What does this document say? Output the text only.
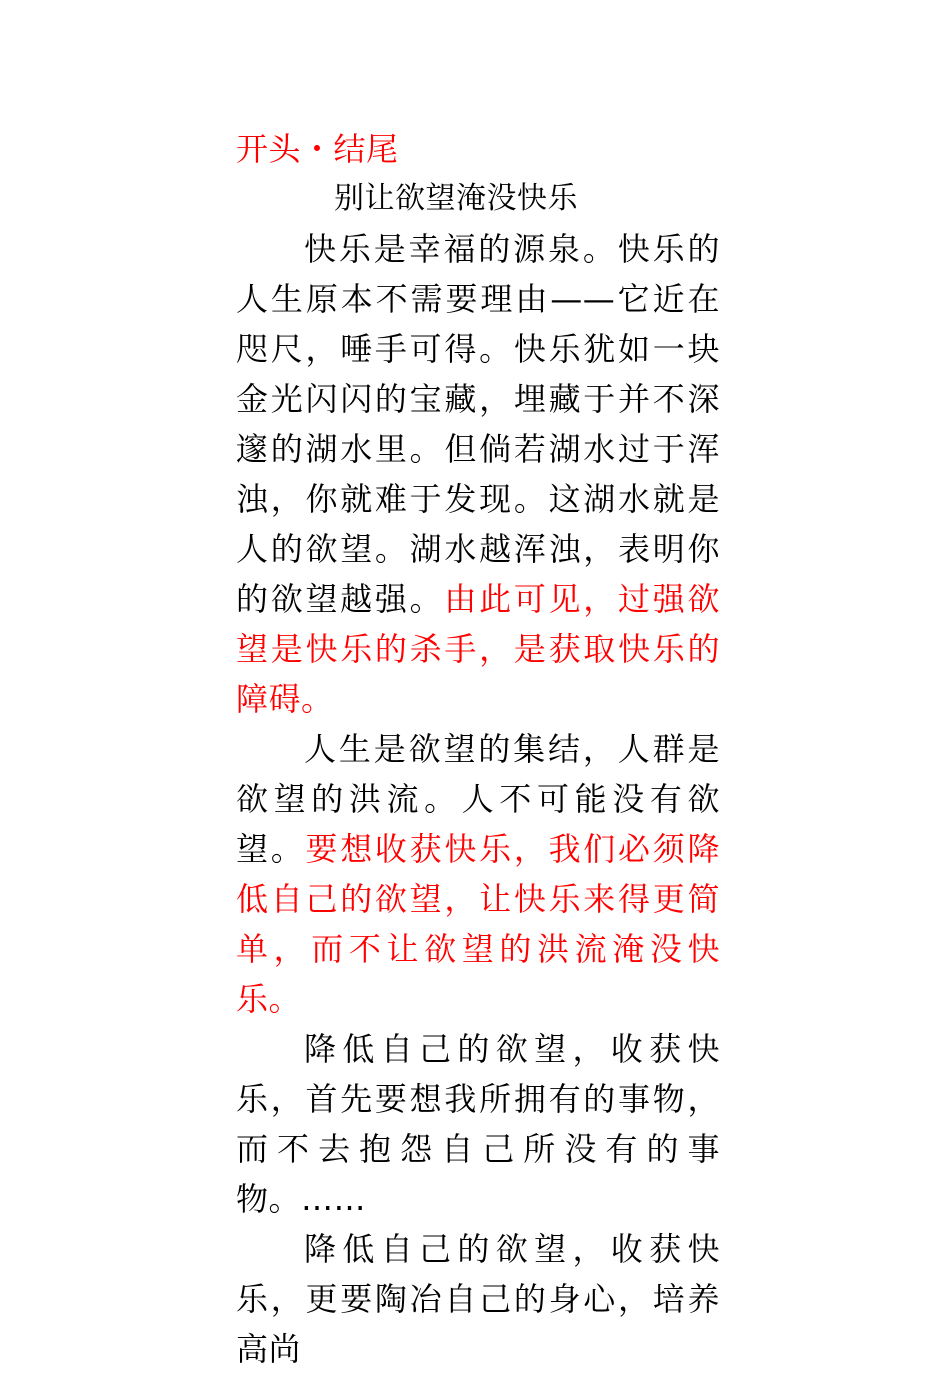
开头・结尾
别让欲望淹没快乐

快乐是幸福的源泉。快乐的人生原本不需要理由——它近在咫尺，唾手可得。快乐犹如一块金光闪闪的宝藏，埋藏于并不深邃的湖水里。但倘若湖水过于浑浊，你就难于发现。这湖水就是人的欲望。湖水越浑浊，表明你的欲望越强。由此可见，过强欲望是快乐的杀手，是获取快乐的障碍。

人生是欲望的集结，人群是欲望的洪流。人不可能没有欲望。要想收获快乐，我们必须降低自己的欲望，让快乐来得更简单，而不让欲望的洪流淹没快乐。

降低自己的欲望，收获快乐，首先要想我所拥有的事物，而不去抱怨自己所没有的事物。……

降低自己的欲望，收获快乐，更要陶冶自己的身心，培养高尚
